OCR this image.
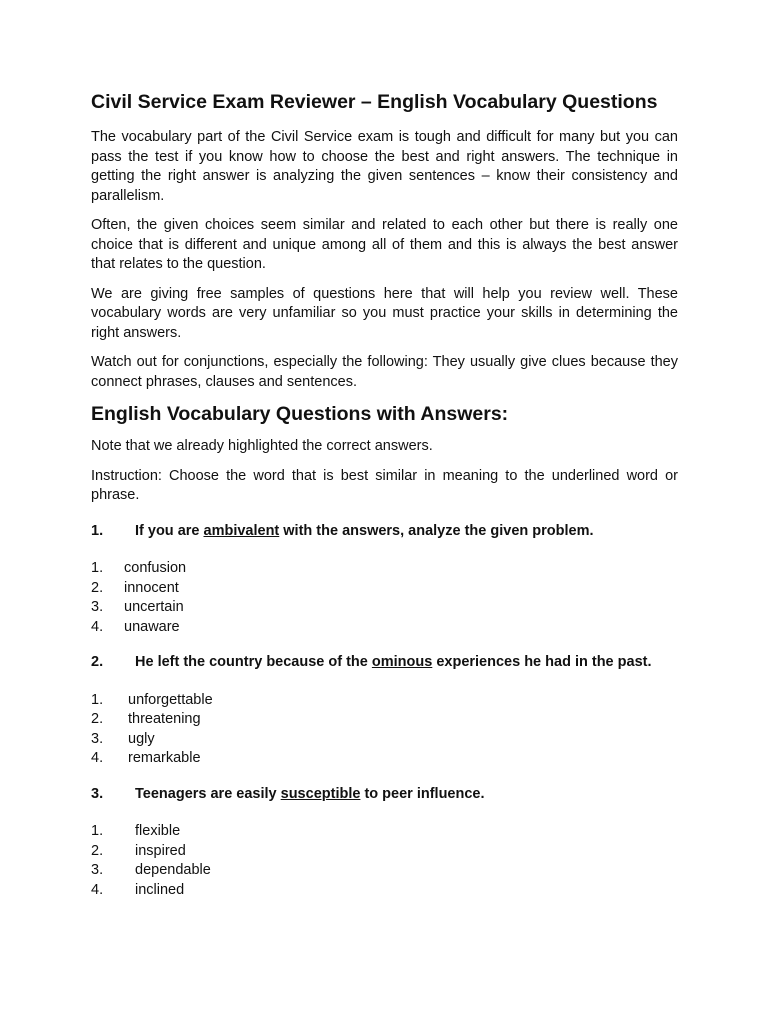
Civil Service Exam Reviewer – English Vocabulary Questions

The vocabulary part of the Civil Service exam is tough and difficult for many but you can pass the test if you know how to choose the best and right answers. The technique in getting the right answer is analyzing the given sentences – know their consistency and parallelism.

Often, the given choices seem similar and related to each other but there is really one choice that is different and unique among all of them and this is always the best answer that relates to the question.

We are giving free samples of questions here that will help you review well. These vocabulary words are very unfamiliar so you must practice your skills in determining the right answers.

Watch out for conjunctions, especially the following: They usually give clues because they connect phrases, clauses and sentences.

English Vocabulary Questions with Answers:

Note that we already highlighted the correct answers.

Instruction: Choose the word that is best similar in meaning to the underlined word or phrase.

1.	If you are ambivalent with the answers, analyze the given problem.
1.	confusion
2.	innocent
3.	uncertain
4.	unaware
2.	He left the country because of the ominous experiences he had in the past.
1.	unforgettable
2.	threatening
3.	ugly
4.	remarkable
3.	Teenagers are easily susceptible to peer influence.
1.	flexible
2.	inspired
3.	dependable
4.	inclined
